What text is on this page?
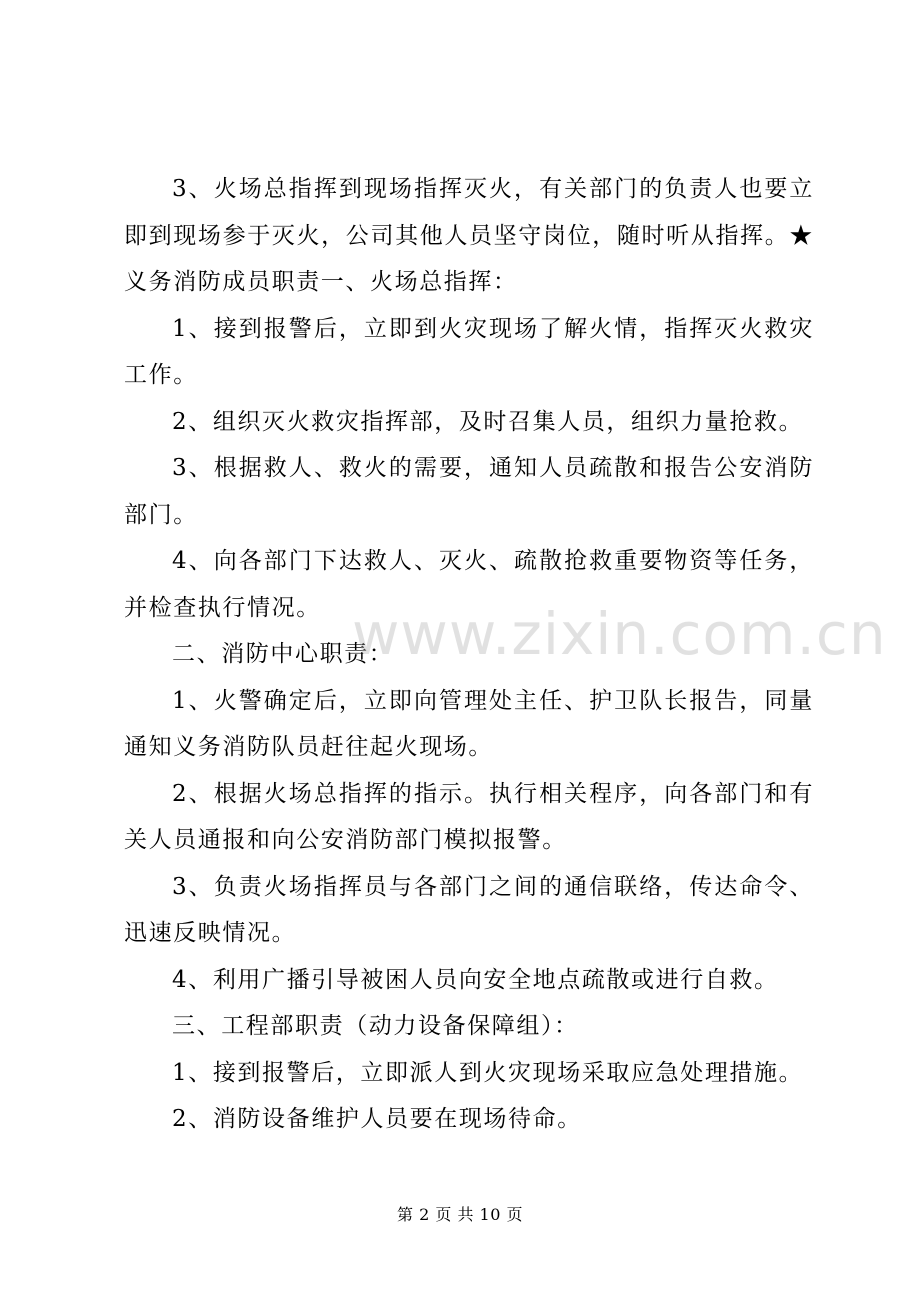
3、火场总指挥到现场指挥灭火，有关部门的负责人也要立即到现场参于灭火，公司其他人员坚守岗位，随时听从指挥。★义务消防成员职责一、火场总指挥：

1、接到报警后，立即到火灾现场了解火情，指挥灭火救灾工作。

2、组织灭火救灾指挥部，及时召集人员，组织力量抢救。

3、根据救人、救火的需要，通知人员疏散和报告公安消防部门。

4、向各部门下达救人、灭火、疏散抢救重要物资等任务，并检查执行情况。

二、消防中心职责：

1、火警确定后，立即向管理处主任、护卫队长报告，同量通知义务消防队员赶往起火现场。

2、根据火场总指挥的指示。执行相关程序，向各部门和有关人员通报和向公安消防部门模拟报警。

3、负责火场指挥员与各部门之间的通信联络，传达命令、迅速反映情况。

4、利用广播引导被困人员向安全地点疏散或进行自救。

三、工程部职责（动力设备保障组）：

1、接到报警后，立即派人到火灾现场采取应急处理措施。

2、消防设备维护人员要在现场待命。

www.zixin.com.cn
第 2 页 共 10 页
